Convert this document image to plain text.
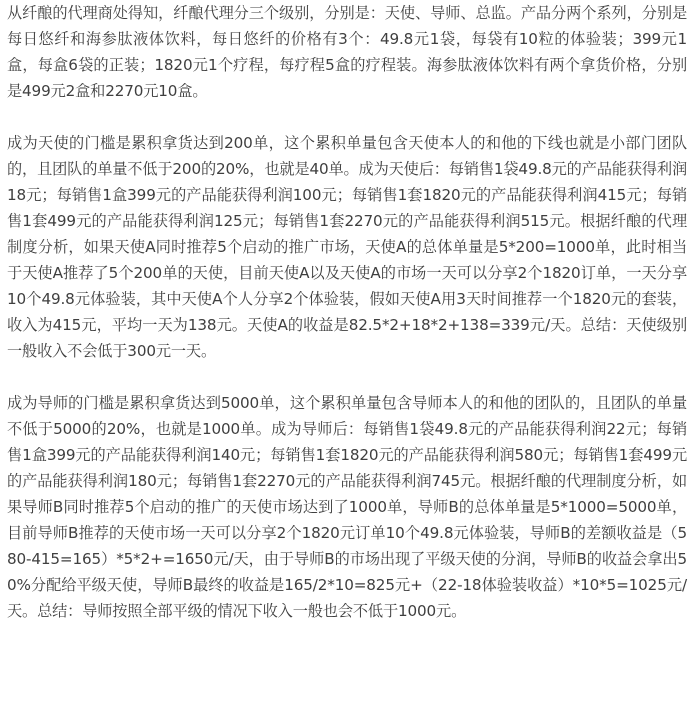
从纤酿的代理商处得知，纤酿代理分三个级别，分别是：天使、导师、总监。产品分两个系列，分别是每日悠纤和海参肽液体饮料，每日悠纤的价格有3个：49.8元1袋，每袋有10粒的体验装；399元1盒，每盒6袋的正装；1820元1个疗程，每疗程5盒的疗程装。海参肽液体饮料有两个拿货价格，分别是499元2盒和2270元10盒。

成为天使的门槛是累积拿货达到200单，这个累积单量包含天使本人的和他的下线也就是小部门团队的，且团队的单量不低于200的20%，也就是40单。成为天使后：每销售1袋49.8元的产品能获得利润18元；每销售1盒399元的产品能获得利润100元；每销售1套1820元的产品能获得利润415元；每销售1套499元的产品能获得利润125元；每销售1套2270元的产品能获得利润515元。根据纤酿的代理制度分析，如果天使A同时推荐5个启动的推广市场，天使A的总体单量是5*200=1000单，此时相当于天使A推荐了5个200单的天使，目前天使A以及天使A的市场一天可以分享2个1820订单，一天分享10个49.8元体验装，其中天使A个人分享2个体验装，假如天使A用3天时间推荐一个1820元的套装，收入为415元，平均一天为138元。天使A的收益是82.5*2+18*2+138=339元/天。总结：天使级别一般收入不会低于300元一天。

成为导师的门槛是累积拿货达到5000单，这个累积单量包含导师本人的和他的团队的，且团队的单量不低于5000的20%，也就是1000单。成为导师后：每销售1袋49.8元的产品能获得利润22元；每销售1盒399元的产品能获得利润140元；每销售1套1820元的产品能获得利润580元；每销售1套499元的产品能获得利润180元；每销售1套2270元的产品能获得利润745元。根据纤酿的代理制度分析，如果导师B同时推荐5个启动的推广的天使市场达到了1000单，导师B的总体单量是5*1000=5000单，目前导师B推荐的天使市场一天可以分享2个1820元订单10个49.8元体验装，导师B的差额收益是（580-415=165）*5*2+=1650元/天，由于导师B的市场出现了平级天使的分润，导师B的收益会拿出50%分配给平级天使，导师B最终的收益是165/2*10=825元+（22-18体验装收益）*10*5=1025元/天。总结：导师按照全部平级的情况下收入一般也会不低于1000元。
